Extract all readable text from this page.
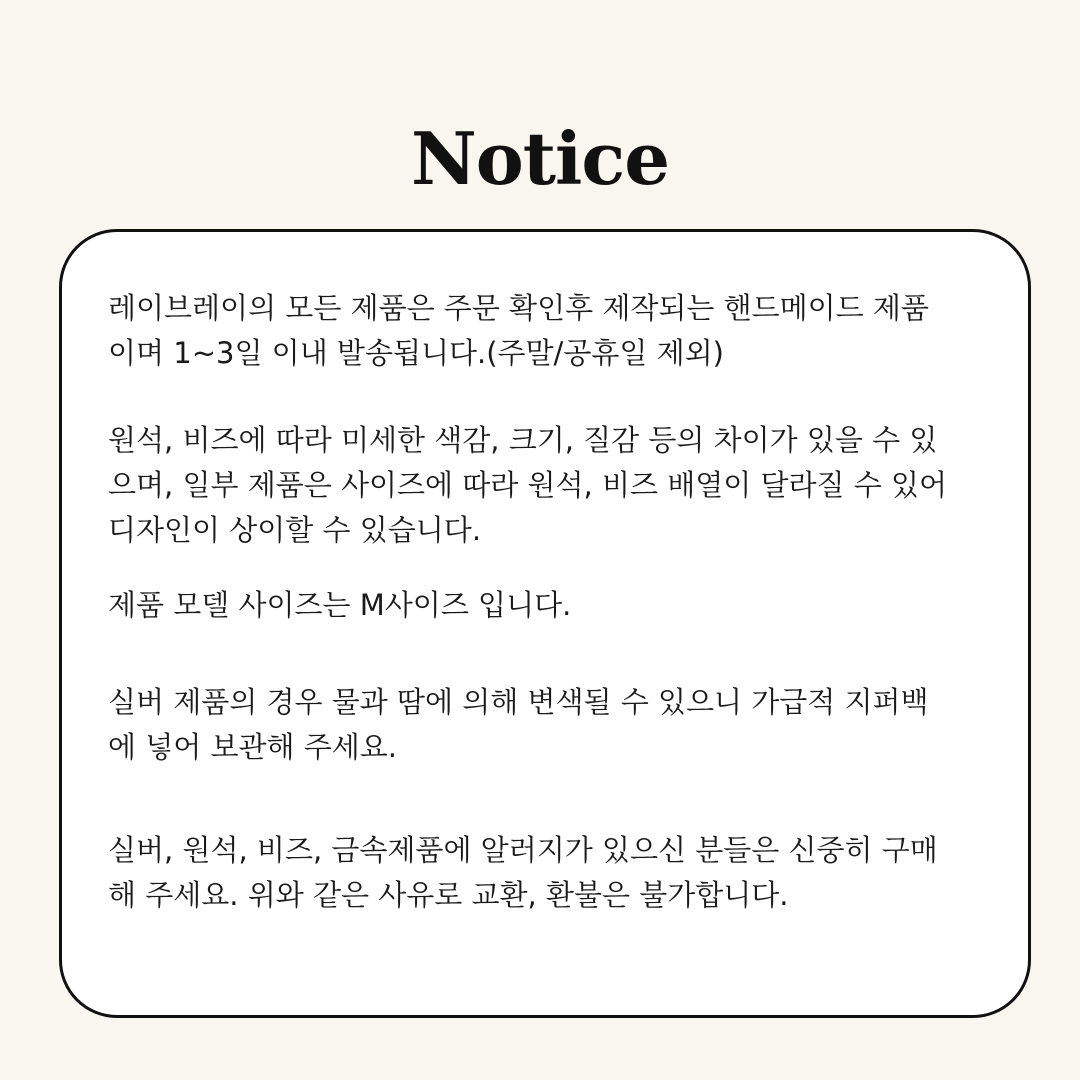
Notice

레이브레이의 모든 제품은 주문 확인후 제작되는 핸드메이드 제품
이며 1~3일 이내 발송됩니다.(주말/공휴일 제외)

원석, 비즈에 따라 미세한 색감, 크기, 질감 등의 차이가 있을 수 있
으며, 일부 제품은 사이즈에 따라 원석, 비즈 배열이 달라질 수 있어
디자인이 상이할 수 있습니다.

제품 모델 사이즈는 M사이즈 입니다.

실버 제품의 경우 물과 땀에 의해 변색될 수 있으니 가급적 지퍼백
에 넣어 보관해 주세요.

실버, 원석, 비즈, 금속제품에 알러지가 있으신 분들은 신중히 구매
해 주세요. 위와 같은 사유로 교환, 환불은 불가합니다.
